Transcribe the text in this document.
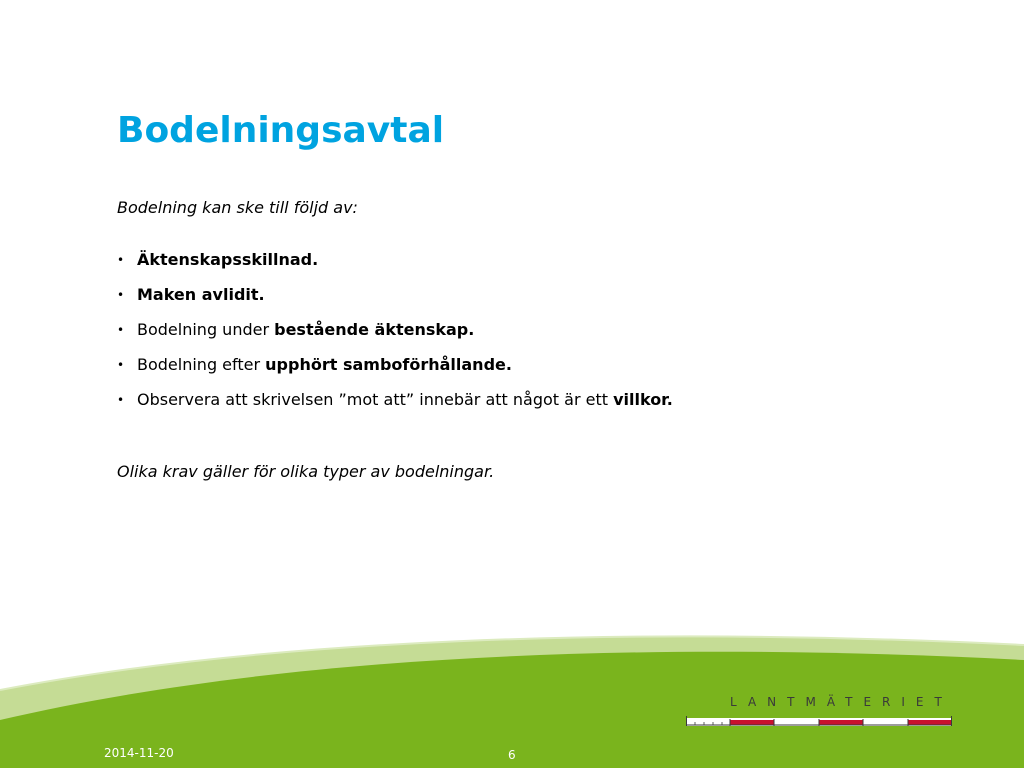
Bodelningsavtal

Bodelning kan ske till följd av:

• Äktenskapsskillnad.
• Maken avlidit.
• Bodelning under bestående äktenskap.
• Bodelning efter upphört samboförhållande.
• Observera att skrivelsen ”mot att” innebär att något är ett villkor.

Olika krav gäller för olika typer av bodelningar.

LANTMÄTERIET
2014-11-20	6
